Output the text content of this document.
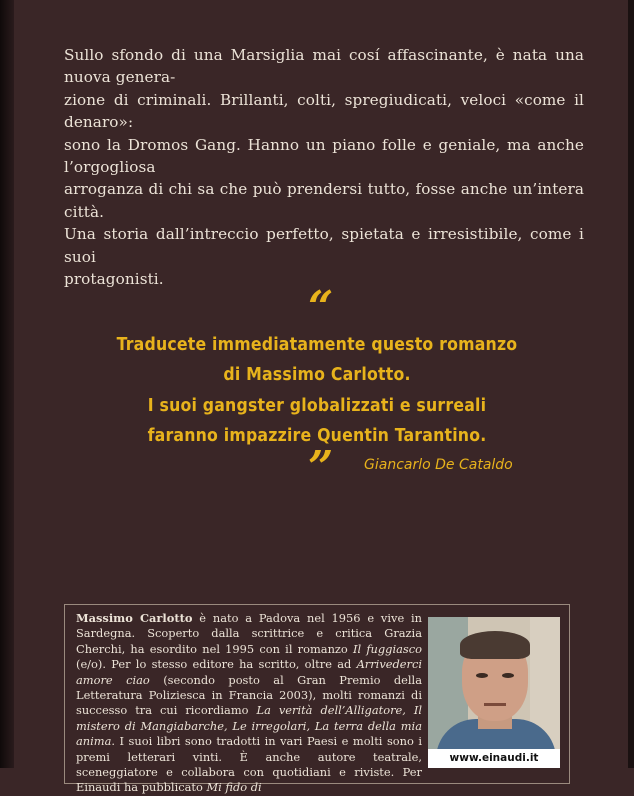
Sullo sfondo di una Marsiglia mai cosí affascinante, è nata una nuova genera-
zione di criminali. Brillanti, colti, spregiudicati, veloci «come il denaro»:
sono la Dromos Gang. Hanno un piano folle e geniale, ma anche l’orgogliosa
arroganza di chi sa che può prendersi tutto, fosse anche un’intera città.
Una storia dall’intreccio perfetto, spietata e irresistibile, come i suoi
protagonisti.
“
Traducete immediatamente questo romanzo
di Massimo Carlotto.
I suoi gangster globalizzati e surreali
faranno impazzire Quentin Tarantino.
” Giancarlo De Cataldo

Massimo Carlotto è nato a Padova nel 1956 e vive in Sardegna. Scoperto dalla scrittrice e critica Grazia Cherchi, ha esordito nel 1995 con il romanzo Il fuggiasco (e/o). Per lo stesso editore ha scritto, oltre ad Arrivederci amore ciao (secondo posto al Gran Premio della Letteratura Poliziesca in Francia 2003), molti romanzi di successo tra cui ricordiamo La verità dell’Alligatore, Il mistero di Mangiabarche, Le irregolari, La terra della mia anima. I suoi libri sono tradotti in vari Paesi e molti sono i premi letterari vinti. È anche autore teatrale, sceneggiatore e collabora con quotidiani e riviste. Per Einaudi ha pubblicato Mi fido di

www.einaudi.it
